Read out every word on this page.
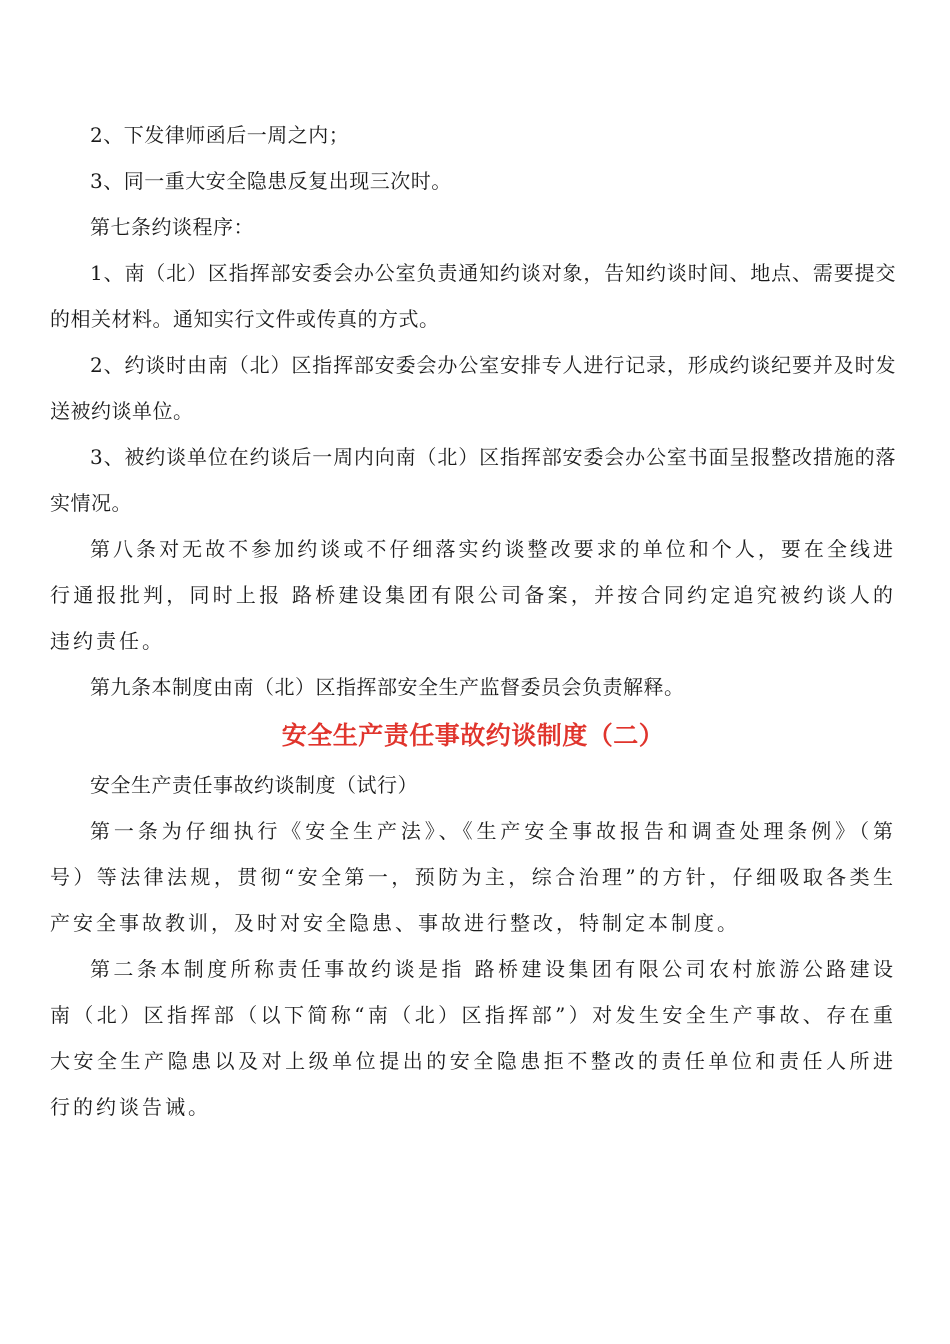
2、下发律师函后一周之内；

3、同一重大安全隐患反复出现三次时。

第七条约谈程序：

1、南（北）区指挥部安委会办公室负责通知约谈对象，告知约谈时间、地点、需要提交的相关材料。通知实行文件或传真的方式。

2、约谈时由南（北）区指挥部安委会办公室安排专人进行记录，形成约谈纪要并及时发送被约谈单位。

3、被约谈单位在约谈后一周内向南（北）区指挥部安委会办公室书面呈报整改措施的落实情况。

第八条对无故不参加约谈或不仔细落实约谈整改要求的单位和个人，要在全线进行通报批判，同时上报 路桥建设集团有限公司备案，并按合同约定追究被约谈人的违约责任。

第九条本制度由南（北）区指挥部安全生产监督委员会负责解释。

安全生产责任事故约谈制度（二）

安全生产责任事故约谈制度（试行）

第一条为仔细执行《安全生产法》、《生产安全事故报告和调查处理条例》（第 号）等法律法规，贯彻“安全第一，预防为主，综合治理”的方针，仔细吸取各类生产安全事故教训，及时对安全隐患、事故进行整改，特制定本制度。

第二条本制度所称责任事故约谈是指 路桥建设集团有限公司农村旅游公路建设南（北）区指挥部（以下简称“南（北）区指挥部”）对发生安全生产事故、存在重大安全生产隐患以及对上级单位提出的安全隐患拒不整改的责任单位和责任人所进行的约谈告诫。
